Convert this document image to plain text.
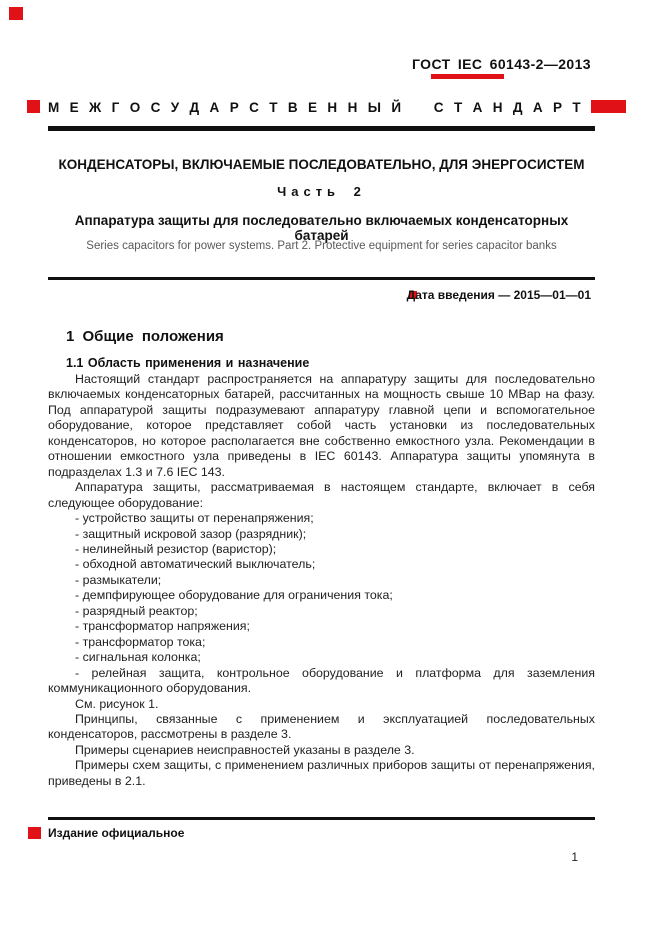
ГОСТ IEC 60143-2—2013
М Е Ж Г О С У Д А Р С Т В Е Н Н Ы Й
С Т А Н Д А Р Т
КОНДЕНСАТОРЫ, ВКЛЮЧАЕМЫЕ ПОСЛЕДОВАТЕЛЬНО, ДЛЯ ЭНЕРГОСИСТЕМ
Часть 2
Аппаратура защиты для последовательно включаемых конденсаторных батарей
Series capacitors for power systems. Part 2. Protective equipment for series capacitor banks
Дата введения — 2015—01—01
1 Общие положения
1.1 Область применения и назначение

Настоящий стандарт распространяется на аппаратуру защиты для последовательно включаемых конденсаторных батарей, рассчитанных на мощность свыше 10 МВар на фазу. Под аппаратурой защиты подразумевают аппаратуру главной цепи и вспомогательное оборудование, которое представляет собой часть установки из последовательных конденсаторов, но которое располагается вне собственно емкостного узла. Рекомендации в отношении емкостного узла приведены в IEC 60143. Аппаратура защиты упомянута в подразделах 1.3 и 7.6 IEC 143.

Аппаратура защиты, рассматриваемая в настоящем стандарте, включает в себя следующее оборудование:

- устройство защиты от перенапряжения;

- защитный искровой зазор (разрядник);

- нелинейный резистор (варистор);

- обходной автоматический выключатель;

- размыкатели;

- демпфирующее оборудование для ограничения тока;

- разрядный реактор;

- трансформатор напряжения;

- трансформатор тока;

- сигнальная колонка;

- релейная защита, контрольное оборудование и платформа для заземления коммуникационного оборудования.

См. рисунок 1.

Принципы, связанные с применением и эксплуатацией последовательных конденсаторов, рассмотрены в разделе 3.

Примеры сценариев неисправностей указаны в разделе 3.

Примеры схем защиты, с применением различных приборов защиты от перенапряжения, приведены в 2.1.

Издание официальное
1
